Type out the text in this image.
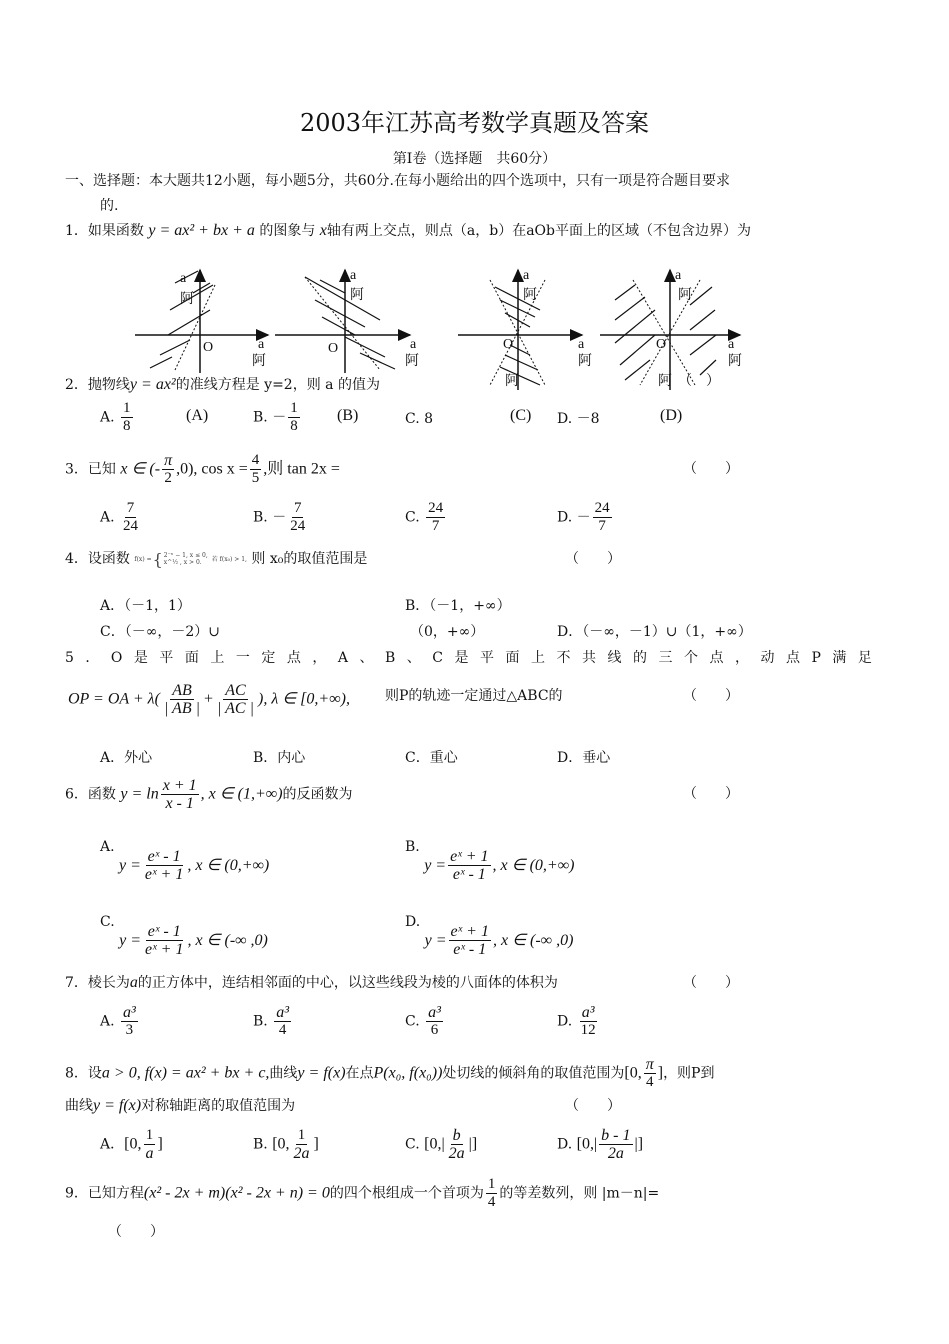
2003年江苏高考数学真题及答案
第Ⅰ卷（选择题　共60分）
一、选择题：本大题共12小题，每小题5分，共60分.在每小题给出的四个选项中，只有一项是符合题目要求
的.
1．如果函数 y = ax² + bx + a 的图象与 x轴有两上交点，则点（a，b）在aOb平面上的区域（不包含边界）为
a
阿
O	a
阿
a
阿
O	a
阿
a
阿
O
阿
a
阿
a
阿
O	a
阿
阿 （　）
2．抛物线y = ax²的准线方程是 y=2，则 a 的值为
A. $\frac{1}{8}$	(A)	B. － $\frac{1}{8} (B)$	C. 8	(C) D. －8	(D)
3．已知 x ∈ (- $\frac{\pi}{2} ,0$), $\cos x = \frac{4}{5}$ ,则 tan 2x =	（　　）
A. $\frac{7}{24}$	B. － $\frac{7}{24}$	C. $\frac{24}{7}$	D. － $\frac{24}{7}$
4．设函数 f(x) = { 2⁻ˣ − 1, x ≤ 0,
x^½ , x > 0.	若 f(x₀) > 1, 则 x₀的取值范围是	（　　）
A．（－1，1）	B．（－1，+∞）
C．（－∞，－2）∪	（0，+∞）	D．（－∞，－1）∪（1，+∞）
5．O是平面上一定点，A、B、C是平面上不共线的三个点，动点P满足
OP = OA + $\lambda( \frac{AB}{| AB |} + \frac{AC}{| AC |}$ ), λ ∈ [0,+∞),	则P的轨迹一定通过△ABC的	（　　）
A．外心	B．内心	C．重心	D．垂心
6．函数 $y = \ln \frac{x + 1}{x - 1}$ , x ∈ (1,+∞)的反函数为	（　　）
A. $y = \frac{\text{eˣ - 1}}{\text{eˣ + 1}}$ , x ∈ (0,+∞)
B. $y = \frac{\text{eˣ + 1}}{\text{eˣ - 1}}$ , x ∈ (0,+∞)
C. $y = \frac{\text{eˣ - 1}}{\text{eˣ + 1}}$ , x ∈ (-∞ ,0)
D. $y = \frac{\text{eˣ + 1}}{\text{eˣ - 1}}$ , x ∈ (-∞ ,0)
7．棱长为a的正方体中，连结相邻面的中心，以这些线段为棱的八面体的体积为	（　　）
A. $\frac{\text{a³}}{3}$	B. $\frac{\text{a³}}{4}$	C. $\frac{\text{a³}}{6}$	D. $\frac{\text{a³}}{12}$
8．设a > 0, f(x) = ax² + bx + c,曲线y = f(x)在点P(x₀, f(x₀))处切线的倾斜角的取值范围为[0, $\frac{\pi}{4}$ ]，则P到
曲线y = f(x)对称轴距离的取值范围为	（　　）
A．[0, $\frac{1}{a}$ ]	B. [0, $\frac{1}{2a}$ ]	C. [$0,| \frac{b}{2a}$ |]	D. [$0,| \frac{b - 1}{2a}$ |]
9．已知方程(x² - 2x + m)(x² - 2x + n) = 0的四个根组成一个首项为 $\frac{1}{4}$ 的等差数列，则 |m－n|=
（　　）
